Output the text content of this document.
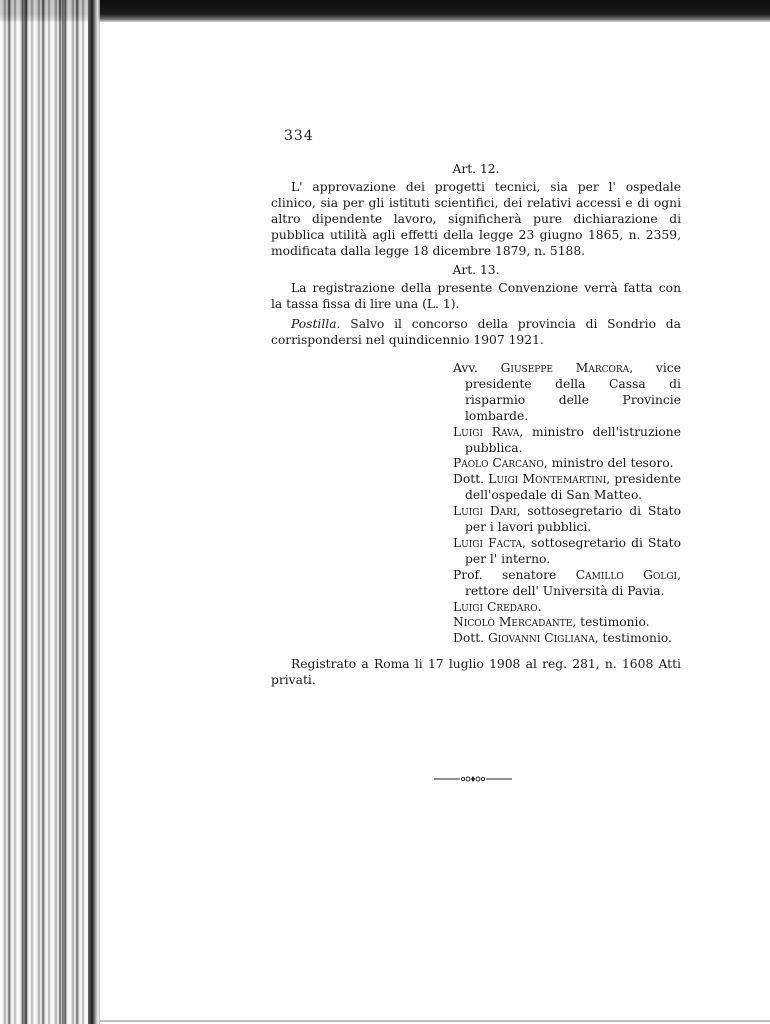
334
Art. 12.

L' approvazione dei progetti tecnici, sia per l' ospedale clinico, sia per gli istituti scientifici, dei relativi accessi e di ogni altro dipendente lavoro, significherà pure dichiarazione di pubblica utilità agli effetti della legge 23 giugno 1865, n. 2359, modificata dalla legge 18 dicembre 1879, n. 5188.

Art. 13.

La registrazione della presente Convenzione verrà fatta con la tassa fissa di lire una (L. 1).

Postilla. Salvo il concorso della provincia di Sondrio da corrispondersi nel quindicennio 1907 1921.

Avv. Giuseppe Marcora, vice presidente della Cassa di risparmio delle Provincie lombarde.

Luigi Rava, ministro dell'istruzione pubblica.

Paolo Carcano, ministro del tesoro.

Dott. Luigi Montemartini, presidente dell'ospedale di San Matteo.

Luigi Dari, sottosegretario di Stato per i lavori pubblici.

Luigi Facta, sottosegretario di Stato per l' interno.

Prof. senatore Camillo Golgi, rettore dell' Università di Pavia.

Luigi Credaro.

Nicolò Mercadante, testimonio.

Dott. Giovanni Cigliana, testimonio.

Registrato a Roma li 17 luglio 1908 al reg. 281, n. 1608 Atti privati.
